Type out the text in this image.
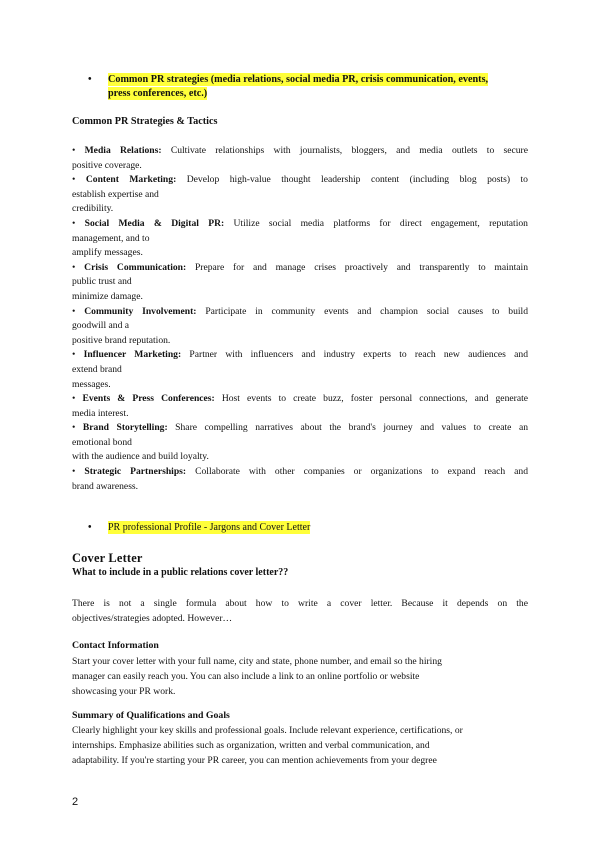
•	Common PR strategies (media relations, social media PR, crisis communication, events,
press conferences, etc.)
Common PR Strategies & Tactics
• Media Relations: Cultivate relationships with journalists, bloggers, and media outlets to secure
positive coverage.
• Content Marketing: Develop high-value thought leadership content (including blog posts) to
establish expertise and
credibility.
• Social Media & Digital PR: Utilize social media platforms for direct engagement, reputation
management, and to
amplify messages.
• Crisis Communication: Prepare for and manage crises proactively and transparently to maintain
public trust and
minimize damage.
• Community Involvement: Participate in community events and champion social causes to build
goodwill and a
positive brand reputation.
• Influencer Marketing: Partner with influencers and industry experts to reach new audiences and
extend brand
messages.
• Events & Press Conferences: Host events to create buzz, foster personal connections, and generate
media interest.
• Brand Storytelling: Share compelling narratives about the brand's journey and values to create an
emotional bond
with the audience and build loyalty.
• Strategic Partnerships: Collaborate with other companies or organizations to expand reach and
brand awareness.
•	PR professional Profile - Jargons and Cover Letter
Cover Letter
What to include in a public relations cover letter??
There is not a single formula about how to write a cover letter. Because it depends on the
objectives/strategies adopted. However…
Contact Information
Start your cover letter with your full name, city and state, phone number, and email so the hiring
manager can easily reach you. You can also include a link to an online portfolio or website
showcasing your PR work.
Summary of Qualifications and Goals
Clearly highlight your key skills and professional goals. Include relevant experience, certifications, or
internships. Emphasize abilities such as organization, written and verbal communication, and
adaptability. If you're starting your PR career, you can mention achievements from your degree
2
